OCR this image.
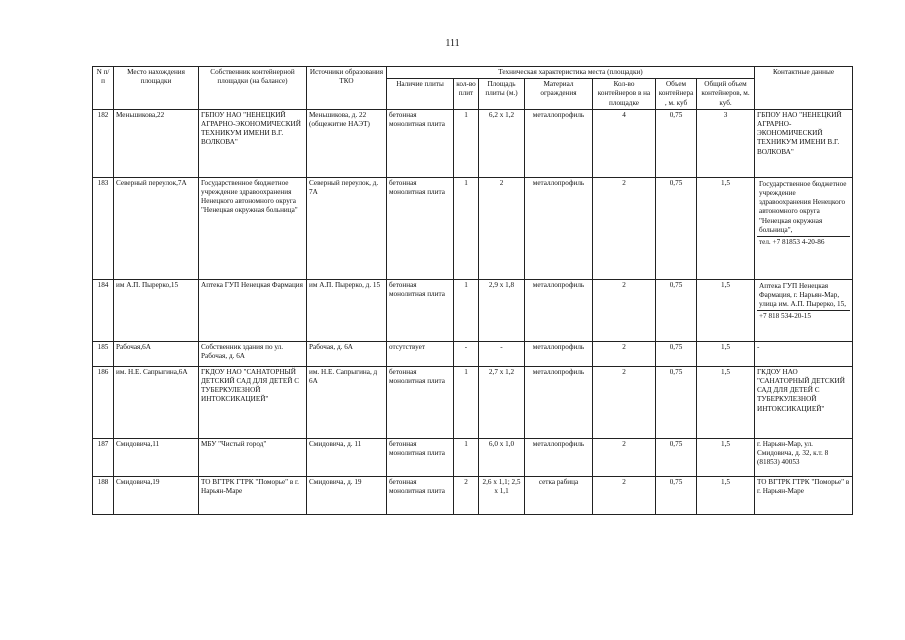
111
N п/п	Место нахождения площадки	Собственник контейнерной площадки (на балансе)	Источники образования ТКО	Техническая характеристика места (площадки)							Контактные данные
				Наличие плиты	кол-во плит	Площадь плиты (м.)	Материал ограждения	Кол-во контейнеров в на площадке	Объем контейнера, м. куб	Общий объем контейнеров, м. куб.	
182	Меньшикова,22	ГБПОУ НАО "НЕНЕЦКИЙ АГРАРНО-ЭКОНОМИЧЕСКИЙ ТЕХНИКУМ ИМЕНИ В.Г. ВОЛКОВА"	Меньшикова, д. 22 (общежитие НАЭТ)	бетонная монолитная плита	1	6,2 х 1,2	металлопрофиль	4	0,75	3	ГБПОУ НАО "НЕНЕЦКИЙ АГРАРНО-ЭКОНОМИЧЕСКИЙ ТЕХНИКУМ ИМЕНИ В.Г. ВОЛКОВА"
183	Северный переулок,7А	Государственное бюджетное учреждение здравоохранения Ненецкого автономного округа "Ненецкая окружная больница"	Северный переулок, д. 7А	бетонная монолитная плита	1	2	металлопрофиль	2	0,75	1,5	Государственное бюджетное учреждение здравоохранения Ненецкого автономного округа "Ненецкая окружная больница",
тел. +7 81853 4-20-86

184	им А.П. Пырерко,15	Аптека ГУП Ненецкая Фармация	им А.П. Пырерко, д. 15	бетонная монолитная плита	1	2,9 х 1,8	металлопрофиль	2	0,75	1,5	Аптека ГУП Ненецкая Фармация, г. Нарьян-Мар, улица им. А.П. Пырерко, 15,
+7 818 534-20-15

185	Рабочая,6А	Собственник здания по ул. Рабочая, д. 6А	Рабочая, д. 6А	отсутствует	-	-	металлопрофиль	2	0,75	1,5	-
186	им. Н.Е. Сапрыгина,6А	ГКДОУ НАО "САНАТОРНЫЙ ДЕТСКИЙ САД ДЛЯ ДЕТЕЙ С ТУБЕРКУЛЕЗНОЙ ИНТОКСИКАЦИЕЙ"	им. Н.Е. Сапрыгина, д 6А	бетонная монолитная плита	1	2,7 х 1,2	металлопрофиль	2	0,75	1,5	ГКДОУ НАО "САНАТОРНЫЙ ДЕТСКИЙ САД ДЛЯ ДЕТЕЙ С ТУБЕРКУЛЕЗНОЙ ИНТОКСИКАЦИЕЙ"
187	Смидовича,11	МБУ "Чистый город"	Смидовича, д. 11	бетонная монолитная плита	1	6,0 х 1,0	металлопрофиль	2	0,75	1,5	г. Нарьян-Мар, ул. Смидовича, д. 32, к.т. 8 (81853) 40053
188	Смидовича,19	ТО ВГТРК ГТРК "Поморье" в г. Нарьян-Маре	Смидовича, д. 19	бетонная монолитная плита	2	2,6 х 1,1; 2,5 х 1,1	сетка рабица	2	0,75	1,5	ТО ВГТРК ГТРК "Поморье" в г. Нарьян-Маре
